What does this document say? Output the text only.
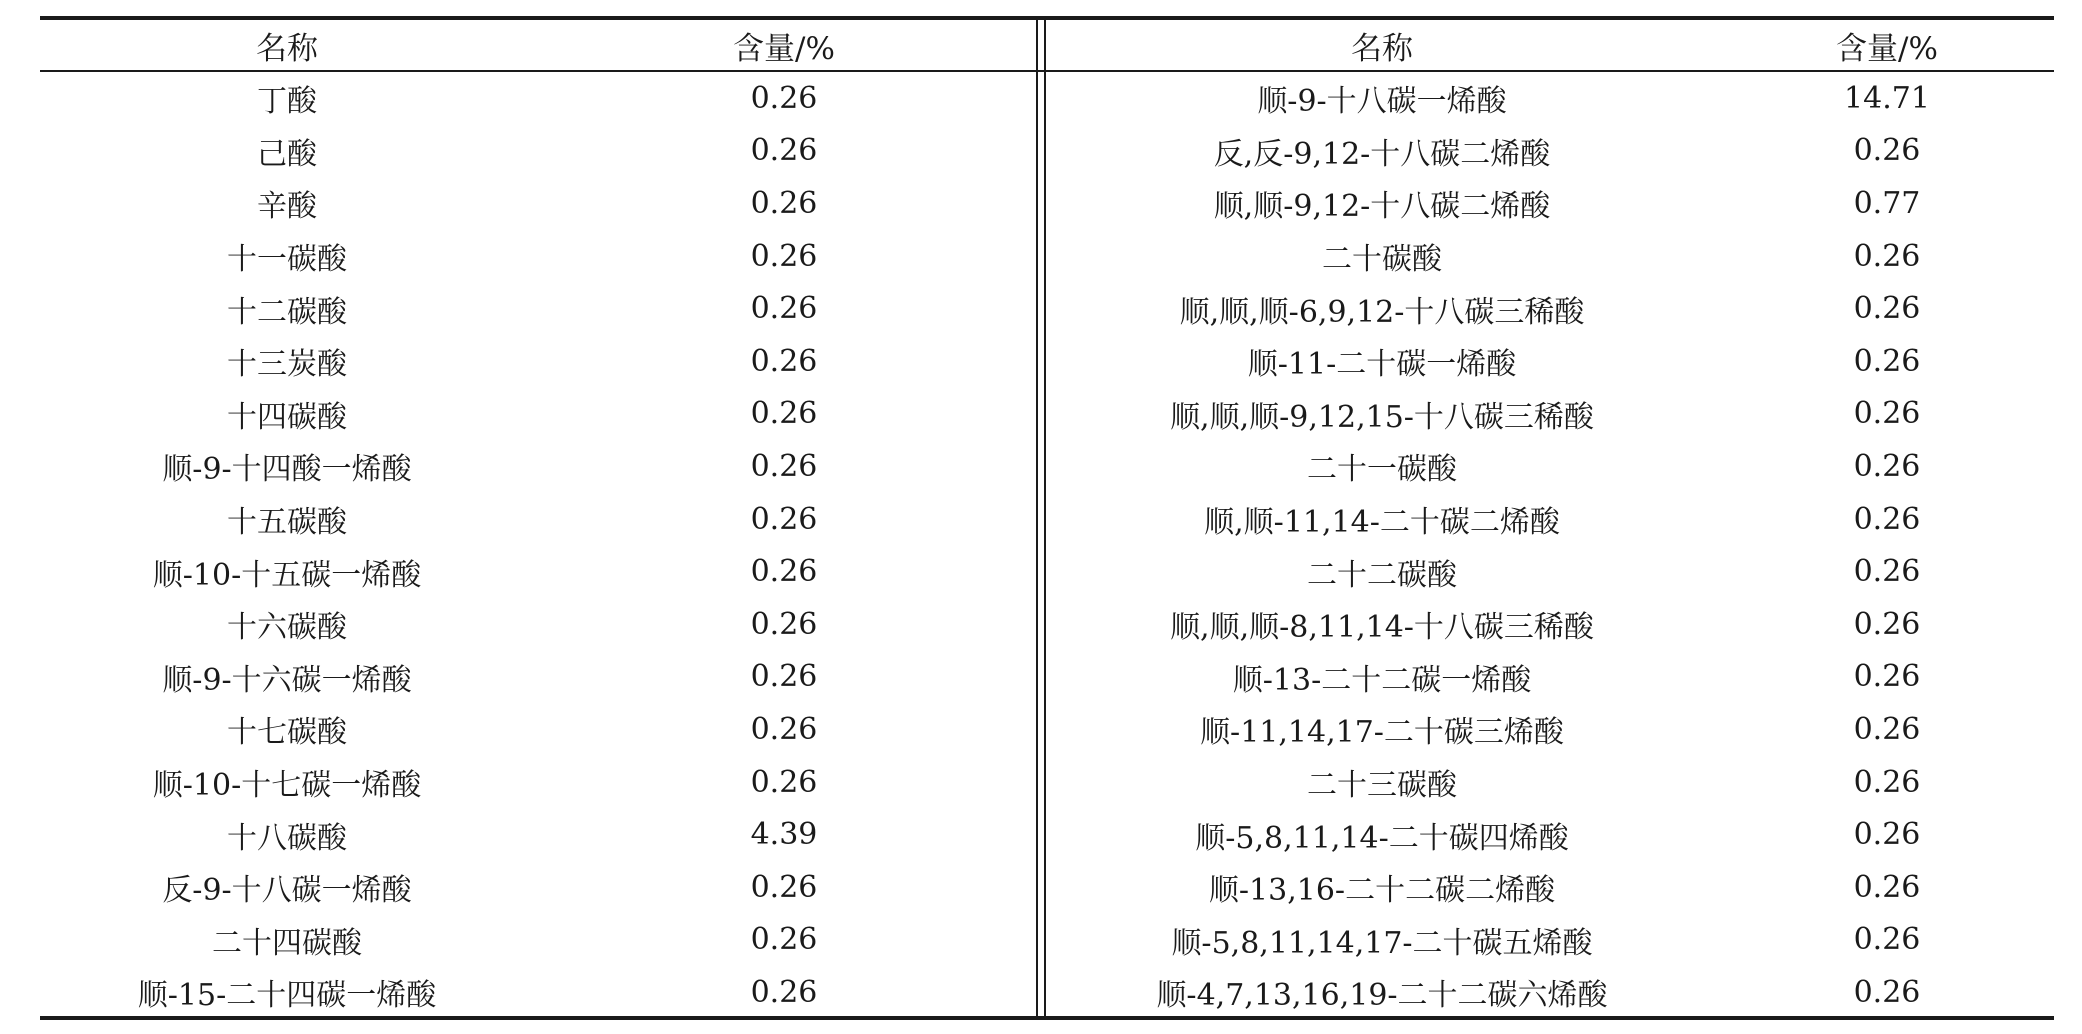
名称	含量/%	名称	含量/%
丁酸	0.26	顺-9-十八碳一烯酸	14.71
己酸	0.26	反,反-9,12-十八碳二烯酸	0.26
辛酸	0.26	顺,顺-9,12-十八碳二烯酸	0.77
十一碳酸	0.26	二十碳酸	0.26
十二碳酸	0.26	顺,顺,顺-6,9,12-十八碳三稀酸	0.26
十三炭酸	0.26	顺-11-二十碳一烯酸	0.26
十四碳酸	0.26	顺,顺,顺-9,12,15-十八碳三稀酸	0.26
顺-9-十四酸一烯酸	0.26	二十一碳酸	0.26
十五碳酸	0.26	顺,顺-11,14-二十碳二烯酸	0.26
顺-10-十五碳一烯酸	0.26	二十二碳酸	0.26
十六碳酸	0.26	顺,顺,顺-8,11,14-十八碳三稀酸	0.26
顺-9-十六碳一烯酸	0.26	顺-13-二十二碳一烯酸	0.26
十七碳酸	0.26	顺-11,14,17-二十碳三烯酸	0.26
顺-10-十七碳一烯酸	0.26	二十三碳酸	0.26
十八碳酸	4.39	顺-5,8,11,14-二十碳四烯酸	0.26
反-9-十八碳一烯酸	0.26	顺-13,16-二十二碳二烯酸	0.26
二十四碳酸	0.26	顺-5,8,11,14,17-二十碳五烯酸	0.26
顺-15-二十四碳一烯酸	0.26	顺-4,7,13,16,19-二十二碳六烯酸	0.26
